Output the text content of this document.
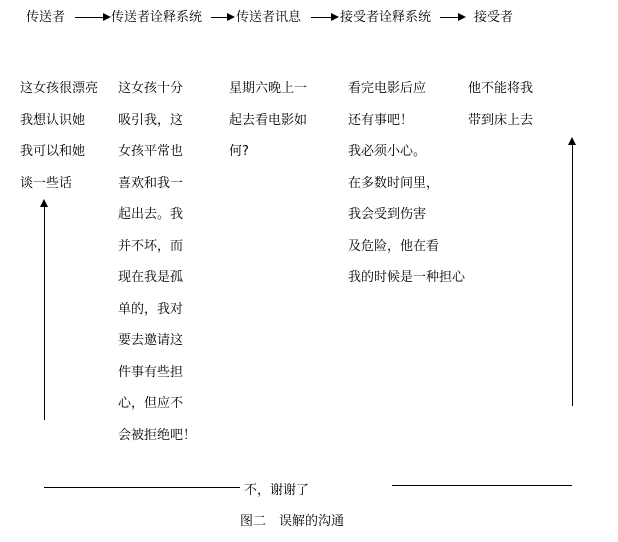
传送者	传送者诠释系统	传送者讯息	接受者诠释系统	接受者
这女孩很漂亮
我想认识她
我可以和她
谈一些话
这女孩十分
吸引我，这
女孩平常也
喜欢和我一
起出去。我
并不坏，而
现在我是孤
单的，我对
要去邀请这
件事有些担
心，但应不
会被拒绝吧！
星期六晚上一
起去看电影如
何?
看完电影后应
还有事吧！
我必须小心。
在多数时间里，
我会受到伤害
及危险，他在看
我的时候是一种担心
他不能将我
带到床上去
不，谢谢了
图二　误解的沟通
